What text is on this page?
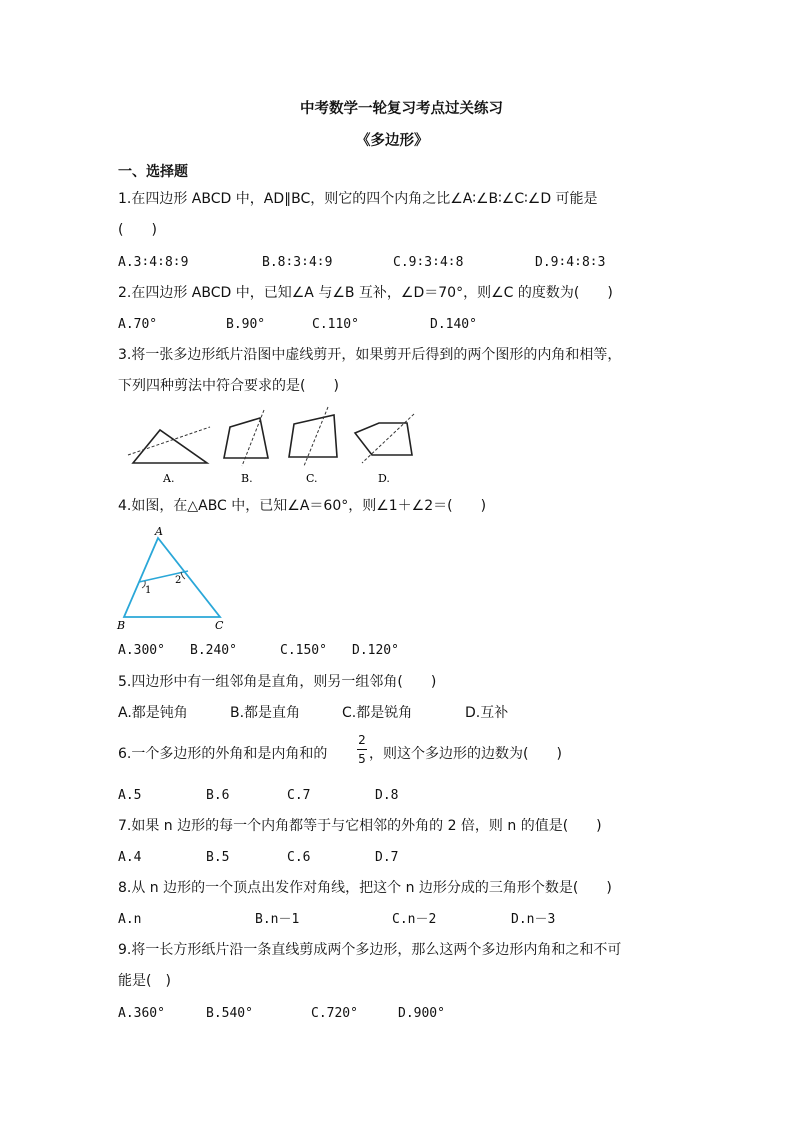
中考数学一轮复习考点过关练习
《多边形》
一、选择题
1.在四边形 ABCD 中，AD∥BC，则它的四个内角之比∠A∶∠B∶∠C∶∠D 可能是
(　　)
A.3∶4∶8∶9	B.8∶3∶4∶9	C.9∶3∶4∶8	D.9∶4∶8∶3
2.在四边形 ABCD 中，已知∠A 与∠B 互补，∠D＝70°，则∠C 的度数为(　　)
A.70°	B.90°	C.110°	D.140°
3.将一张多边形纸片沿图中虚线剪开，如果剪开后得到的两个图形的内角和相等，
下列四种剪法中符合要求的是(　　)
A.	B.	C.	D.
4.如图，在△ABC 中，已知∠A＝60°，则∠1＋∠2＝(　　)
A
B	C
1
2
A.300° B.240°	C.150° D.120°
5.四边形中有一组邻角是直角，则另一组邻角(　　)
A.都是钝角	B.都是直角	C.都是锐角	D.互补
6.一个多边形的外角和是内角和的
2
5 ，则这个多边形的边数为(　　)
A.5	B.6	C.7	D.8
7.如果 n 边形的每一个内角都等于与它相邻的外角的 2 倍，则 n 的值是(　　)
A.4	B.5	C.6	D.7
8.从 n 边形的一个顶点出发作对角线，把这个 n 边形分成的三角形个数是(　　)
A.n	B.n－1	C.n－2	D.n－3
9.将一长方形纸片沿一条直线剪成两个多边形，那么这两个多边形内角和之和不可
能是(　)
A.360°	B.540°	C.720°	D.900°
